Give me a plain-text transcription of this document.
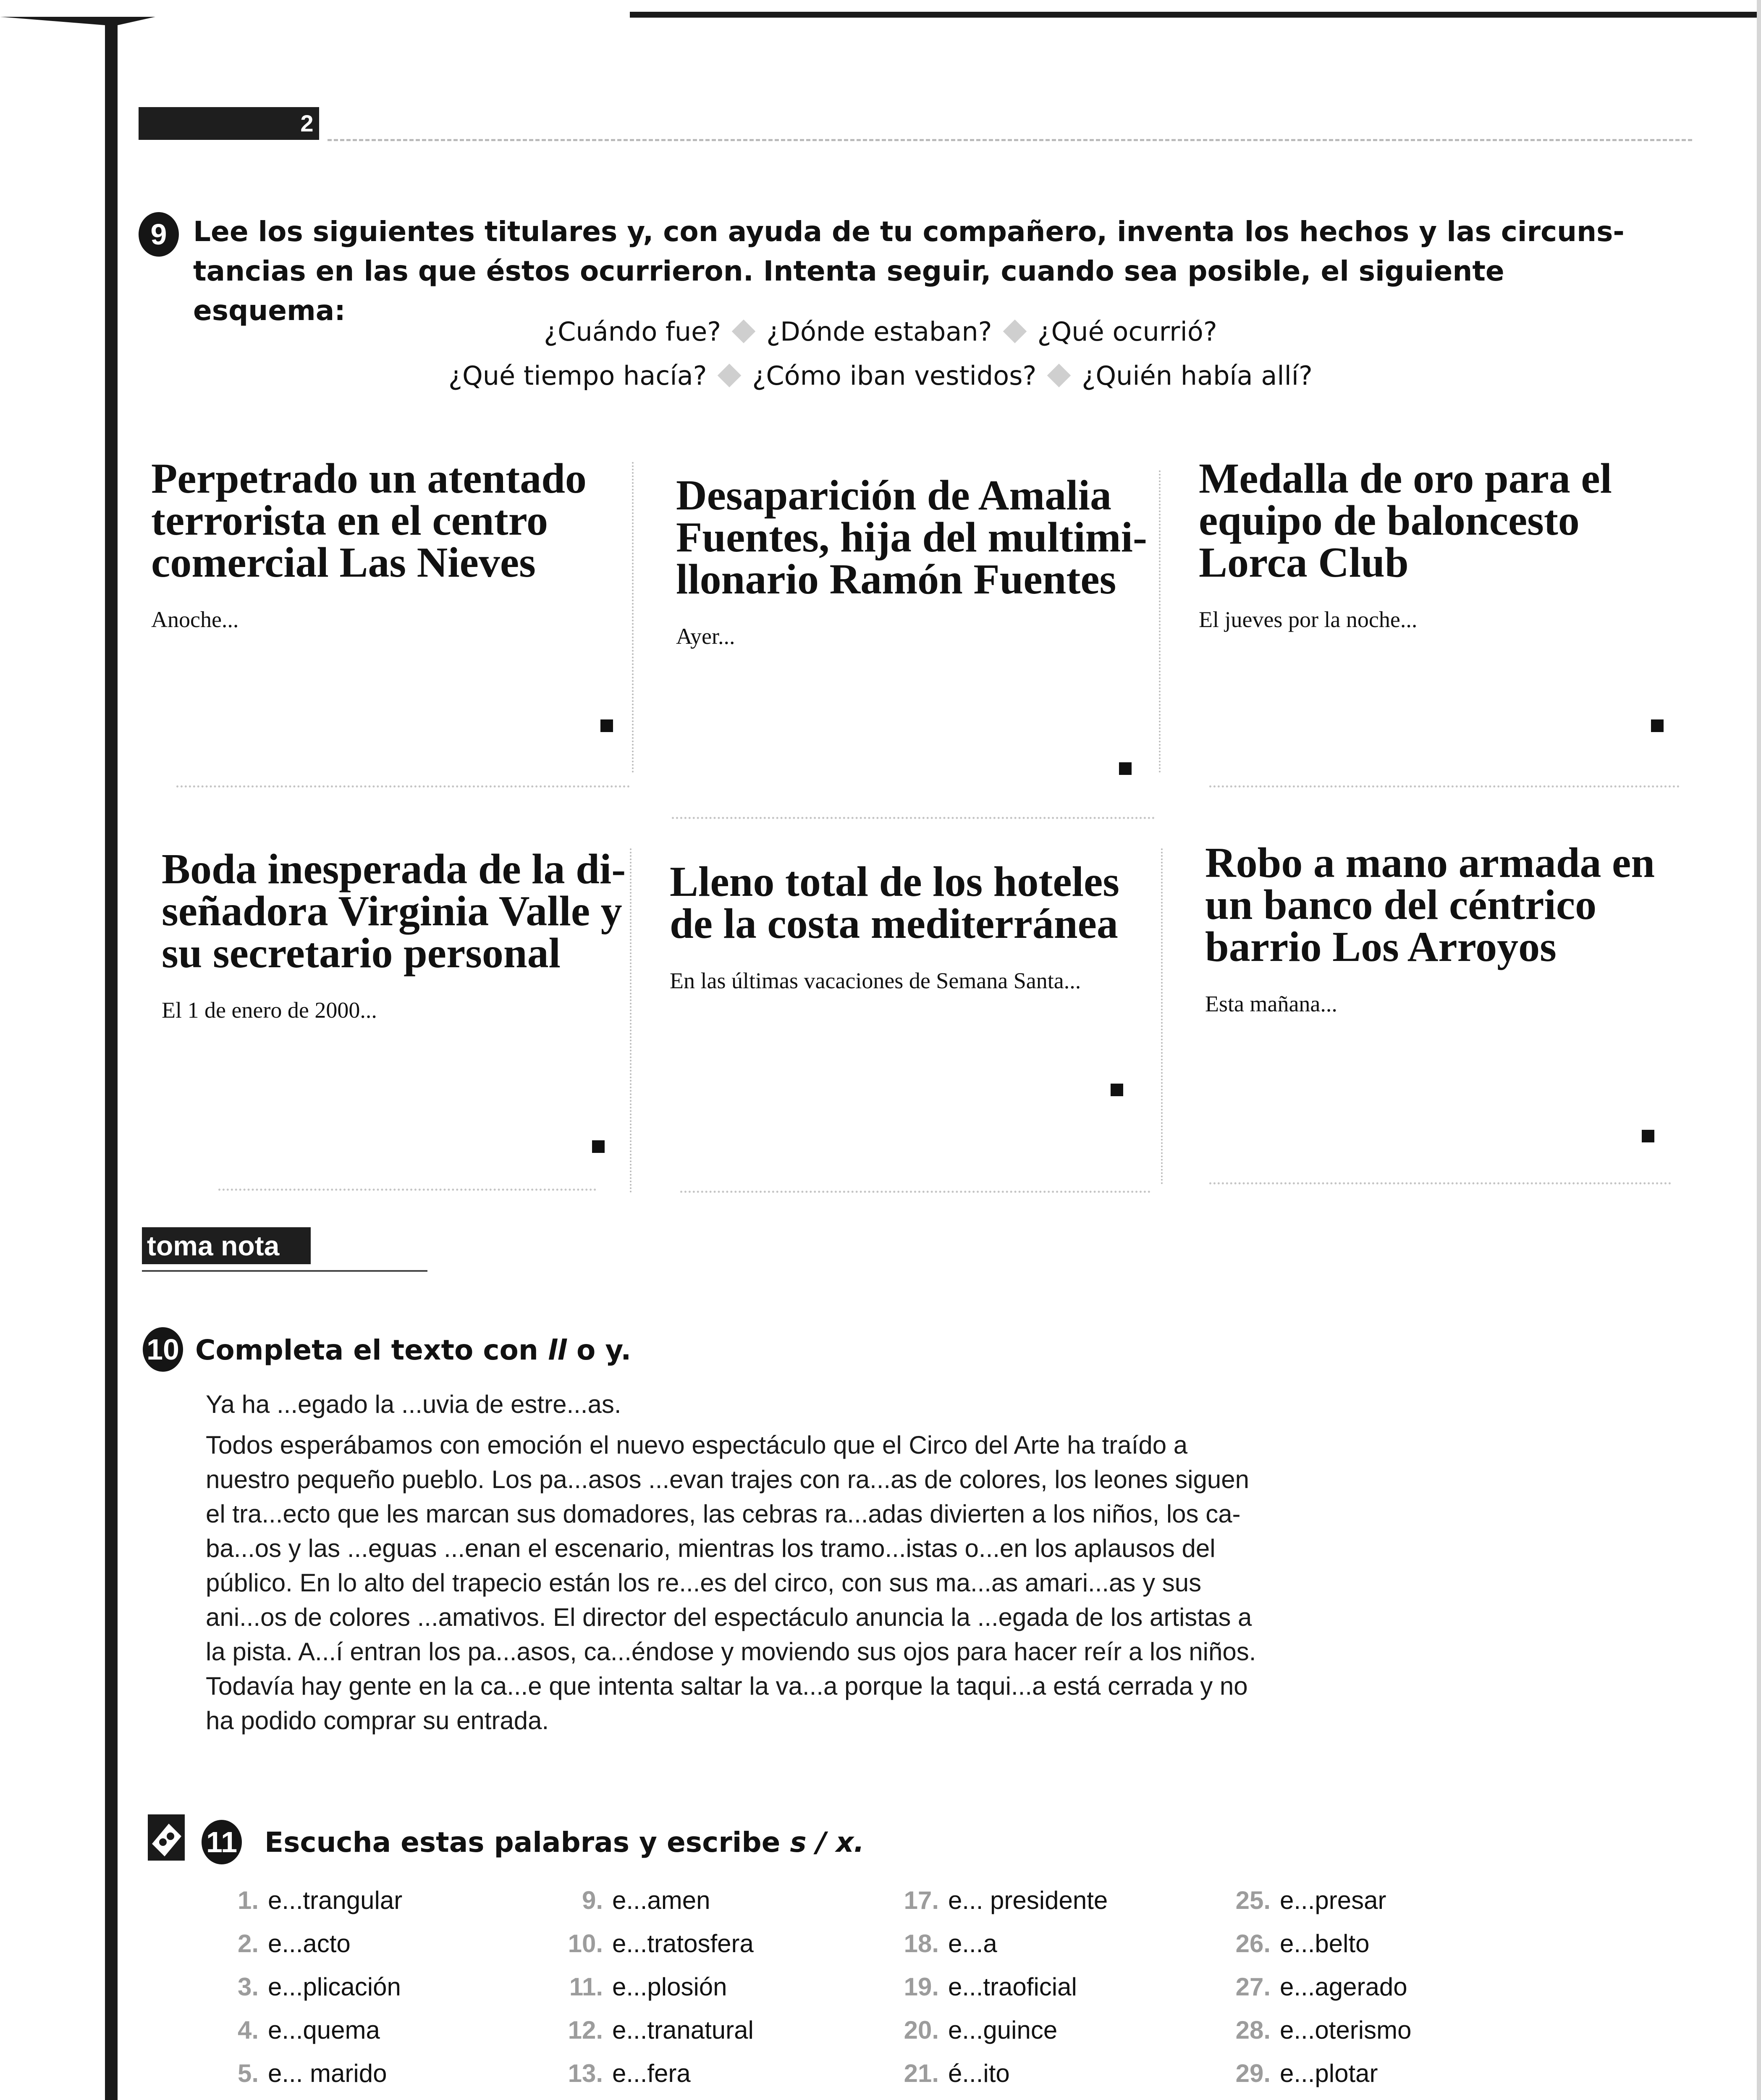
2
9 Lee los siguientes titulares y, con ayuda de tu compañero, inventa los hechos y las circuns-
tancias en las que éstos ocurrieron. Intenta seguir, cuando sea posible, el siguiente esquema:
¿Cuándo fue? ¿Dónde estaban? ¿Qué ocurrió?
¿Qué tiempo hacía? ¿Cómo iban vestidos? ¿Quién había allí?
Perpetrado un atentado
terrorista en el centro
comercial Las Nieves
Anoche...
Desaparición de Amalia
Fuentes, hija del multimi-
llonario Ramón Fuentes
Ayer...
Medalla de oro para el
equipo de baloncesto
Lorca Club
El jueves por la noche...
Boda inesperada de la di-
señadora Virginia Valle y
su secretario personal
El 1 de enero de 2000...
Lleno total de los hoteles
de la costa mediterránea
En las últimas vacaciones de Semana Santa...
Robo a mano armada en
un banco del céntrico
barrio Los Arroyos
Esta mañana...
toma nota
10 Completa el texto con ll o y.
Ya ha ...egado la ...uvia de estre...as.
Todos esperábamos con emoción el nuevo espectáculo que el Circo del Arte ha traído a
nuestro pequeño pueblo. Los pa...asos ...evan trajes con ra...as de colores, los leones siguen
el tra...ecto que les marcan sus domadores, las cebras ra...adas divierten a los niños, los ca-
ba...os y las ...eguas ...enan el escenario, mientras los tramo...istas o...en los aplausos del
público. En lo alto del trapecio están los re...es del circo, con sus ma...as amari...as y sus
ani...os de colores ...amativos. El director del espectáculo anuncia la ...egada de los artistas a
la pista. A...í entran los pa...asos, ca...éndose y moviendo sus ojos para hacer reír a los niños.
Todavía hay gente en la ca...e que intenta saltar la va...a porque la taqui...a está cerrada y no
ha podido comprar su entrada.
11 Escucha estas palabras y escribe s / x.
1. e...trangular
2. e...acto
3. e...plicación
4. e...quema
5. e... marido
9. e...amen
10. e...tratosfera
11. e...plosión
12. e...tranatural
13. e...fera
17. e... presidente
18. e...a
19. e...traoficial
20. e...guince
21. é...ito
25. e...presar
26. e...belto
27. e...agerado
28. e...oterismo
29. e...plotar
